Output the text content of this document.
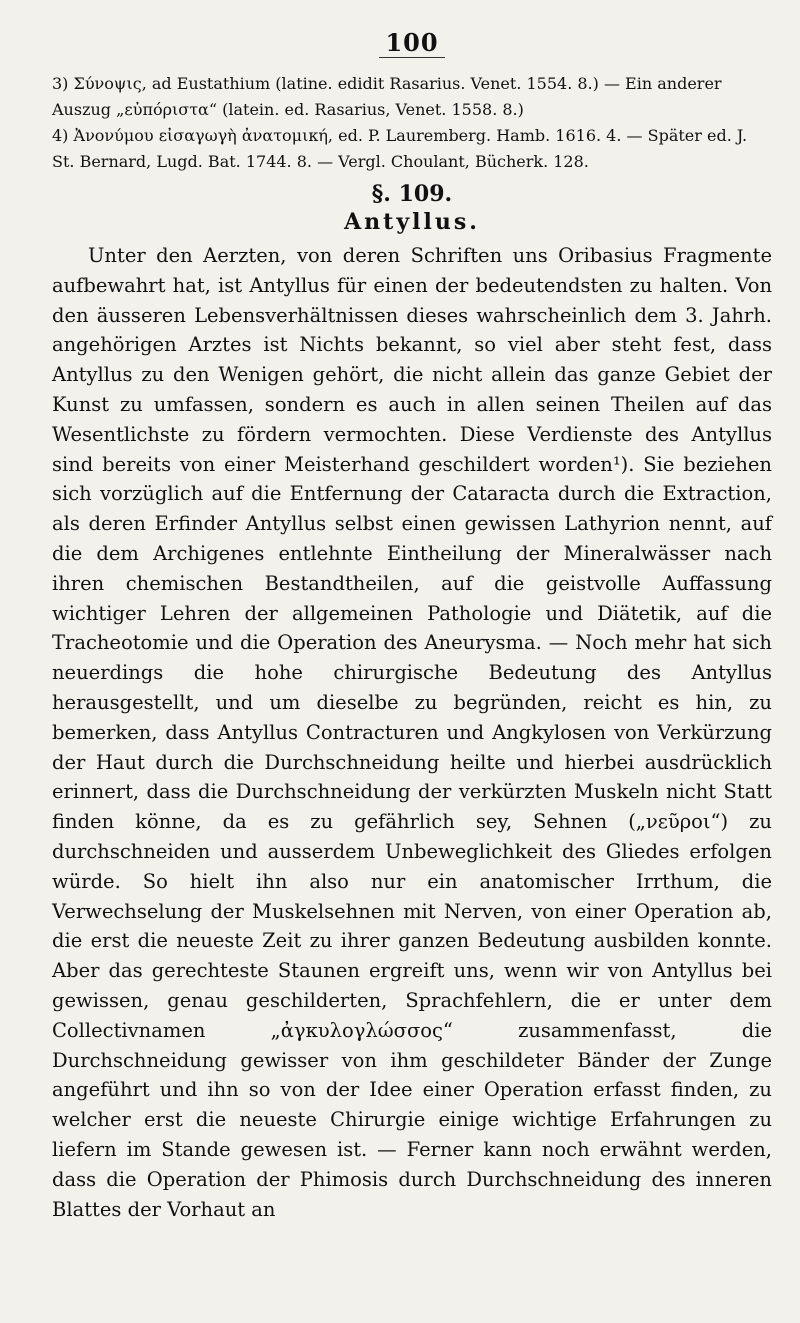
100

3) Σύνοψις, ad Eustathium (latine. edidit Rasarius. Venet. 1554. 8.) — Ein anderer Auszug „εὐπόριστα“ (latein. ed. Rasarius, Venet. 1558. 8.)

4) Ἀνονύμου εἰσαγωγὴ ἀνατομική, ed. P. Lauremberg. Hamb. 1616. 4. — Später ed. J. St. Bernard, Lugd. Bat. 1744. 8. — Vergl. Choulant, Bücherk. 128.

§. 109.
Antyllus.

Unter den Aerzten, von deren Schriften uns Oribasius Fragmente aufbewahrt hat, ist Antyllus für einen der bedeutendsten zu halten. Von den äusseren Lebensverhältnissen dieses wahrscheinlich dem 3. Jahrh. angehörigen Arztes ist Nichts bekannt, so viel aber steht fest, dass Antyllus zu den Wenigen gehört, die nicht allein das ganze Gebiet der Kunst zu umfassen, sondern es auch in allen seinen Theilen auf das Wesentlichste zu fördern vermochten. Diese Verdienste des Antyllus sind bereits von einer Meisterhand geschildert worden¹). Sie beziehen sich vorzüglich auf die Entfernung der Cataracta durch die Extraction, als deren Erfinder Antyllus selbst einen gewissen Lathyrion nennt, auf die dem Archigenes entlehnte Eintheilung der Mineralwässer nach ihren chemischen Bestandtheilen, auf die geistvolle Auffassung wichtiger Lehren der allgemeinen Pathologie und Diätetik, auf die Tracheotomie und die Operation des Aneurysma. — Noch mehr hat sich neuerdings die hohe chirurgische Bedeutung des Antyllus herausgestellt, und um dieselbe zu begründen, reicht es hin, zu bemerken, dass Antyllus Contracturen und Angkylosen von Verkürzung der Haut durch die Durchschneidung heilte und hierbei ausdrücklich erinnert, dass die Durchschneidung der verkürzten Muskeln nicht Statt finden könne, da es zu gefährlich sey, Sehnen („νεῦροι“) zu durchschneiden und ausserdem Unbeweglichkeit des Gliedes erfolgen würde. So hielt ihn also nur ein anatomischer Irrthum, die Verwechselung der Muskelsehnen mit Nerven, von einer Operation ab, die erst die neueste Zeit zu ihrer ganzen Bedeutung ausbilden konnte. Aber das gerechteste Staunen ergreift uns, wenn wir von Antyllus bei gewissen, genau geschilderten, Sprachfehlern, die er unter dem Collectivnamen „ἀγκυλογλώσσος“ zusammenfasst, die Durchschneidung gewisser von ihm geschildeter Bänder der Zunge angeführt und ihn so von der Idee einer Operation erfasst finden, zu welcher erst die neueste Chirurgie einige wichtige Erfahrungen zu liefern im Stande gewesen ist. — Ferner kann noch erwähnt werden, dass die Operation der Phimosis durch Durchschneidung des inneren Blattes der Vorhaut an
